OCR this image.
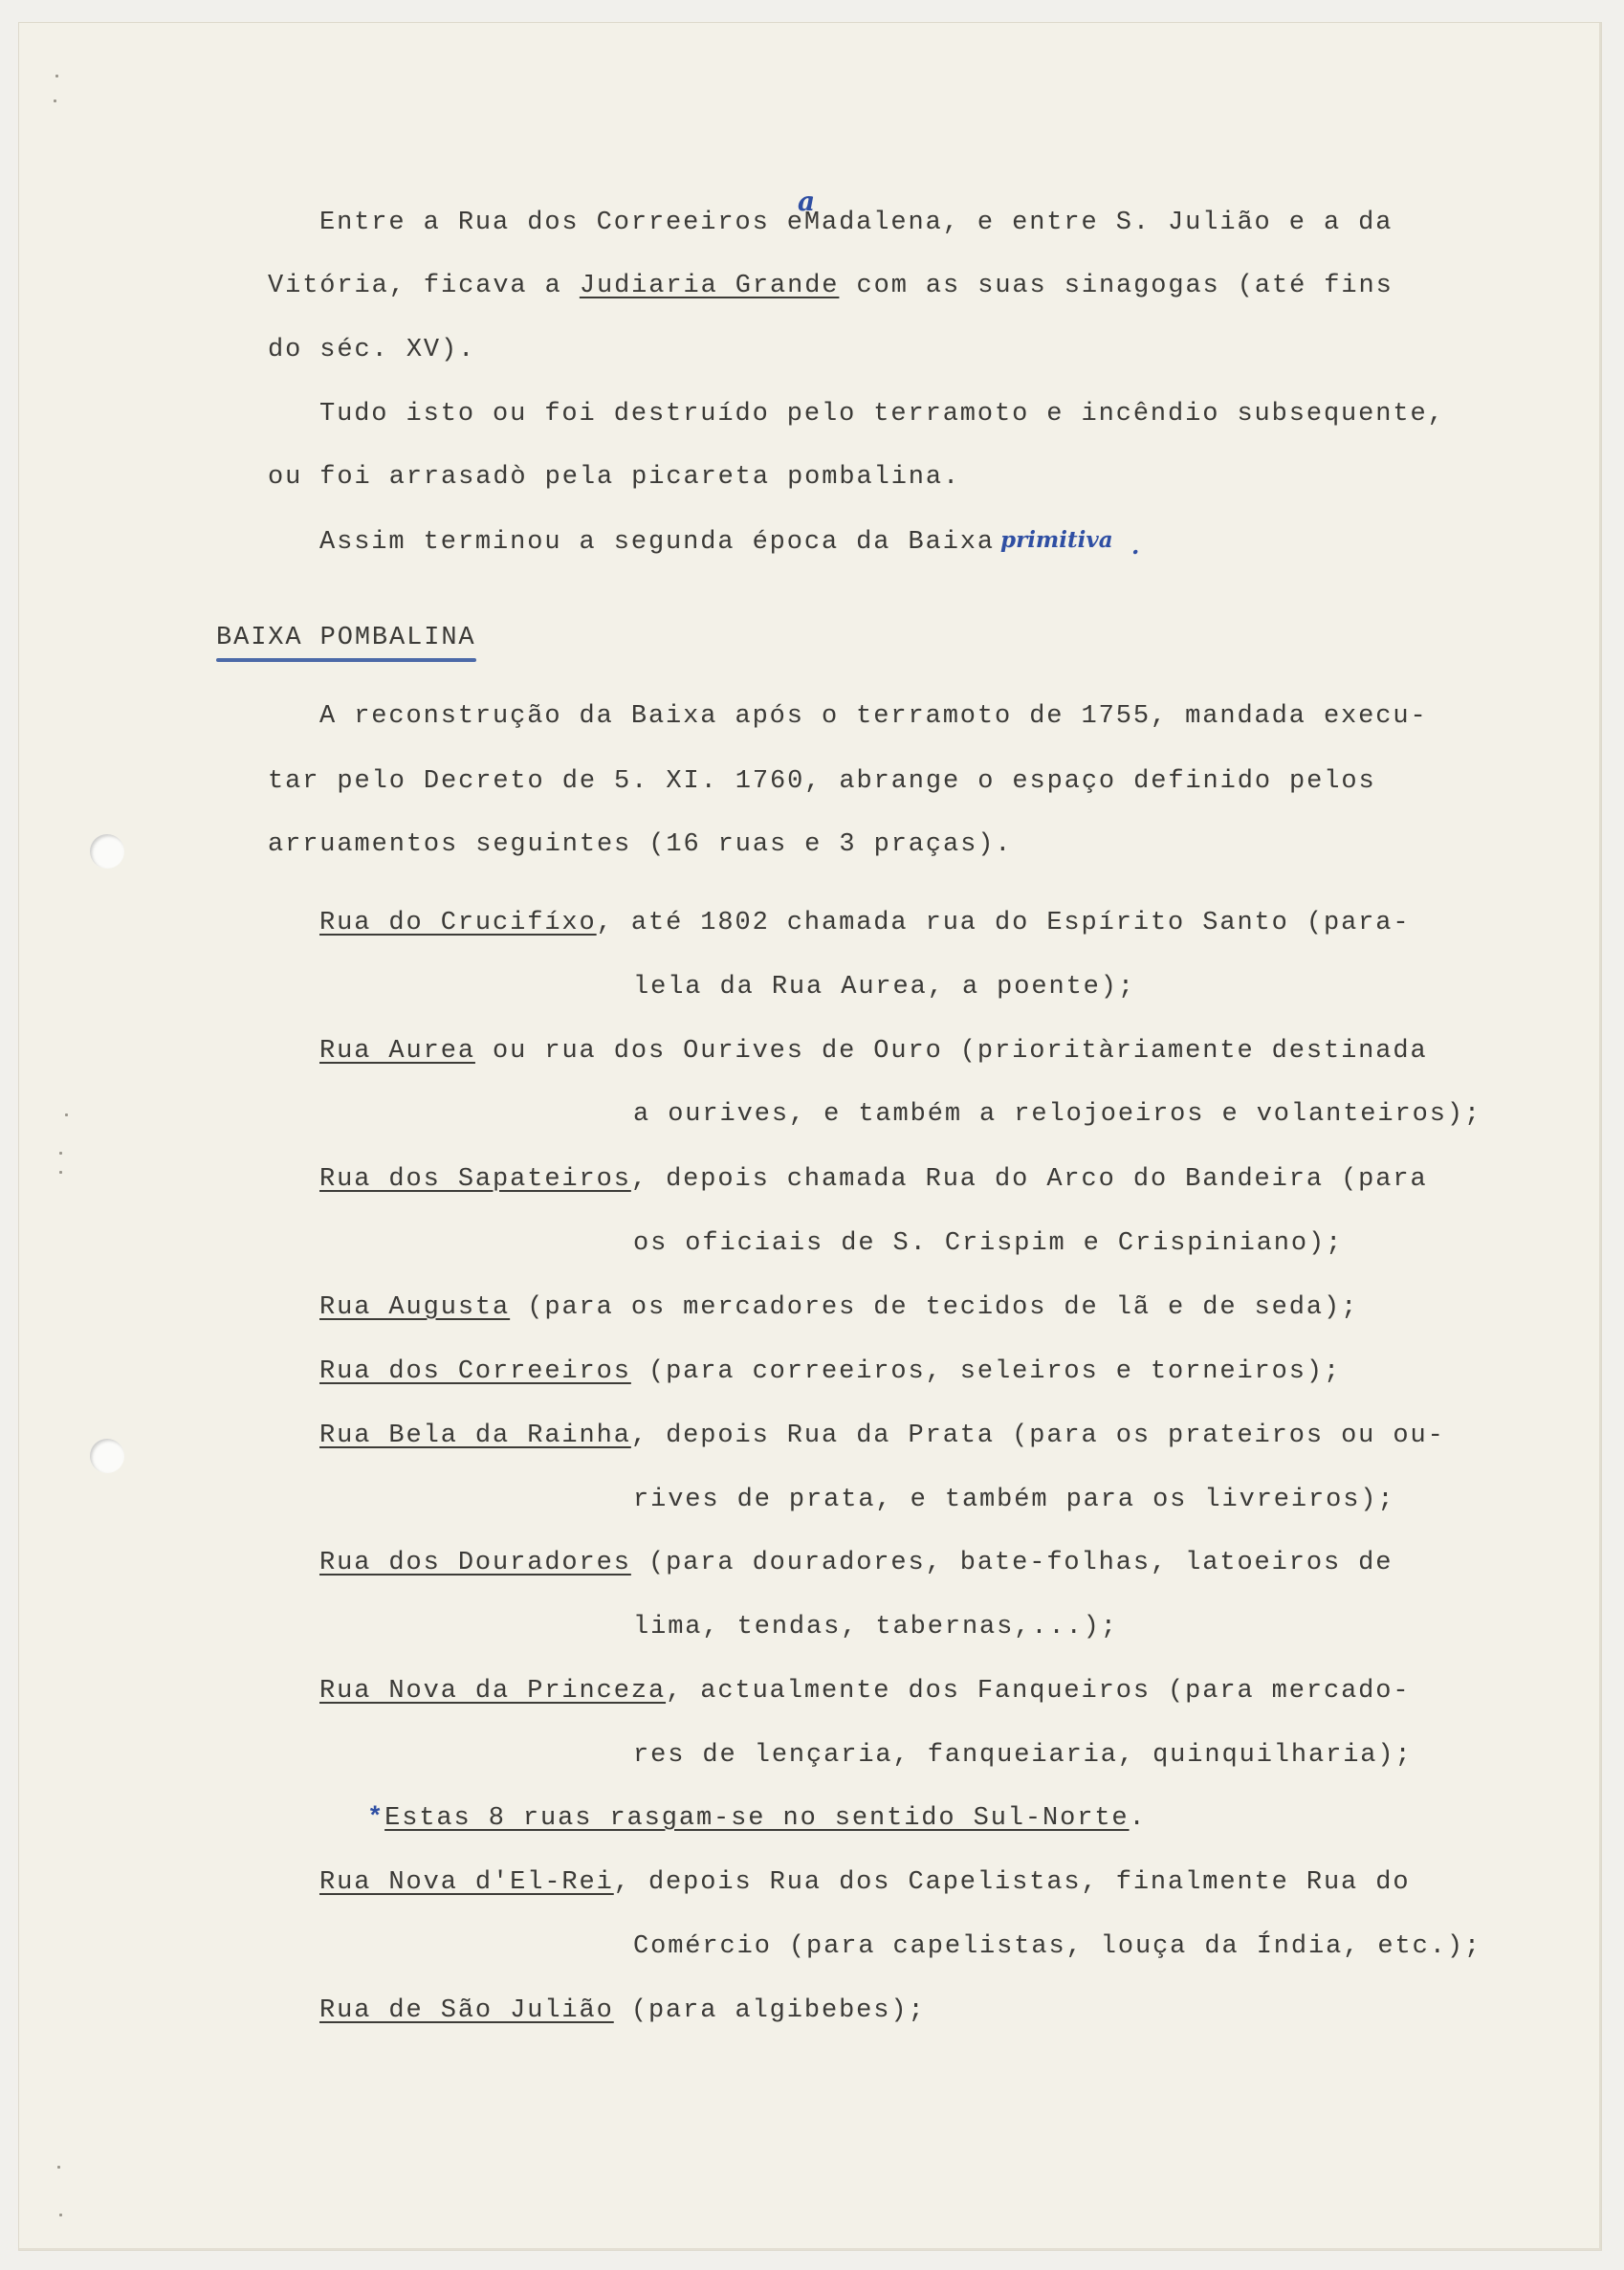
Entre a Rua dos Correeiros eMadalena, e entre S. Julião e a da
Vitória, ficava a Judiaria Grande com as suas sinagogas (até fins
do séc. XV).
Tudo isto ou foi destruído pelo terramoto e incêndio subsequente,
ou foi arrasadò pela picareta pombalina.
Assim terminou a segunda época da Baixa
BAIXA POMBALINA
A reconstrução da Baixa após o terramoto de 1755, mandada execu-
tar pelo Decreto de 5. XI. 1760, abrange o espaço definido pelos
arruamentos seguintes (16 ruas e 3 praças).
Rua do Crucifíxo, até 1802 chamada rua do Espírito Santo (para-
lela da Rua Aurea, a poente);
Rua Aurea ou rua dos Ourives de Ouro (prioritàriamente destinada
a ourives, e também a relojoeiros e volanteiros);
Rua dos Sapateiros, depois chamada Rua do Arco do Bandeira (para
os oficiais de S. Crispim e Crispiniano);
Rua Augusta (para os mercadores de tecidos de lã e de seda);
Rua dos Correeiros (para correeiros, seleiros e torneiros);
Rua Bela da Rainha, depois Rua da Prata (para os prateiros ou ou-
rives de prata, e também para os livreiros);
Rua dos Douradores (para douradores, bate-folhas, latoeiros de
lima, tendas, tabernas,...);
Rua Nova da Princeza, actualmente dos Fanqueiros (para mercado-
res de lençaria, fanqueiaria, quinquilharia);
*Estas 8 ruas rasgam-se no sentido Sul-Norte.
Rua Nova d'El-Rei, depois Rua dos Capelistas, finalmente Rua do
Comércio (para capelistas, louça da Índia, etc.);
Rua de São Julião (para algibebes);
a
primitiva .
